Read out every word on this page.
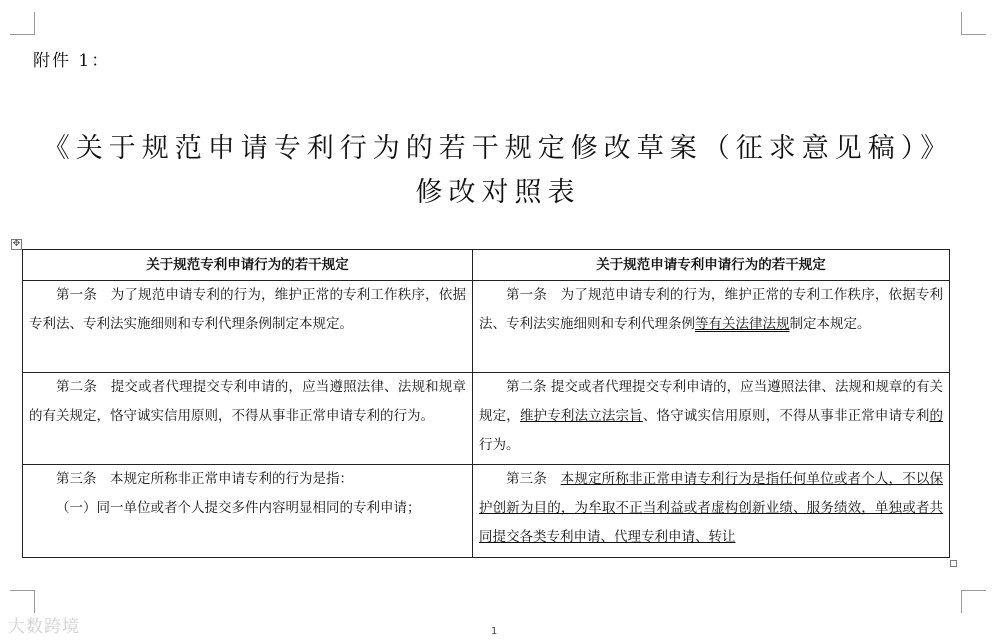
附件 1：
《关于规范申请专利行为的若干规定修改草案（征求意见稿）》
修改对照表
✥
关于规范专利申请行为的若干规定	关于规范申请专利申请行为的若干规定

第一条　为了规范申请专利的行为，维护正常的专利工作秩序，依据专利法、专利法实施细则和专利代理条例制定本规定。	第一条　为了规范申请专利的行为，维护正常的专利工作秩序，依据专利法、专利法实施细则和专利代理条例等有关法律法规制定本规定。

第二条　提交或者代理提交专利申请的，应当遵照法律、法规和规章的有关规定，恪守诚实信用原则，不得从事非正常申请专利的行为。	第二条 提交或者代理提交专利申请的，应当遵照法律、法规和规章的有关规定，维护专利法立法宗旨、恪守诚实信用原则，不得从事非正常申请专利的行为。

第三条　本规定所称非正常申请专利的行为是指：

（一）同一单位或者个人提交多件内容明显相同的专利申请；	第三条　本规定所称非正常申请专利行为是指任何单位或者个人，不以保护创新为目的，为牟取不正当利益或者虚构创新业绩、服务绩效，单独或者共同提交各类专利申请、代理专利申请、转让

大数跨境	1
